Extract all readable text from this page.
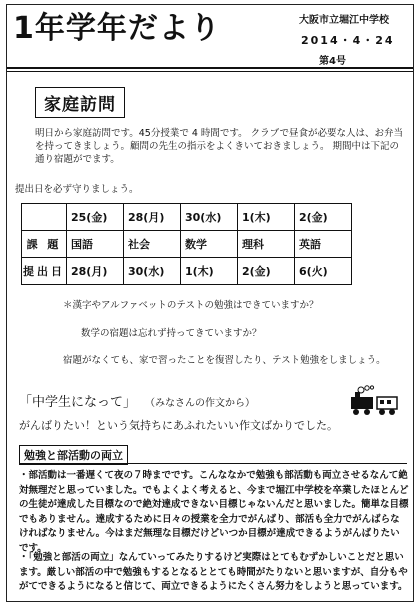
1年学年だより	大阪市立堀江中学校
2014・4・24
第4号
家庭訪問
明日から家庭訪問です。45分授業で 4 時間です。 クラブで昼食が必要な人は、お弁当を持ってきましょう。顧問の先生の指示をよくきいておきましょう。 期間中は下記の通り宿題がでます。
提出日を必ず守りましょう。
	25(金)	28(月)	30(水)	1(木)	2(金)
課 題	国語	社会	数学	理科	英語
提出日	28(月)	30(水)	1(木)	2(金)	6(火)
＊漢字やアルファベットのテストの勉強はできていますか？
数学の宿題は忘れず持ってきていますか？
宿題がなくても、家で習ったことを復習したり、テスト勉強をしましょう。
「中学生になって」 （みなさんの作文から）
がんばりたい！という気持ちにあふれたいい作文ばかりでした。
勉強と部活動の両立
・部活動は一番遅くて夜の７時までです。こんななかで勉強も部活動も両立させるなんて絶対無理だと思っていました。でもよくよく考えると、今まで堀江中学校を卒業したほとんどの生徒が達成した目標なので絶対達成できない目標じゃないんだと思いました。簡単な目標でもありません。達成するために日々の授業を全力でがんばり、部活も全力でがんばらなければなりません。今はまだ無理な目標だけどいつか目標が達成できるようがんばりたいです。
・「勉強と部活の両立」なんていってみたりするけど実際はとてもむずかしいことだと思います。厳しい部活の中で勉強もするとなるととても時間がたりないと思いますが、自分もやがてできるようになると信じて、両立できるようにたくさん努力をしようと思っています。
